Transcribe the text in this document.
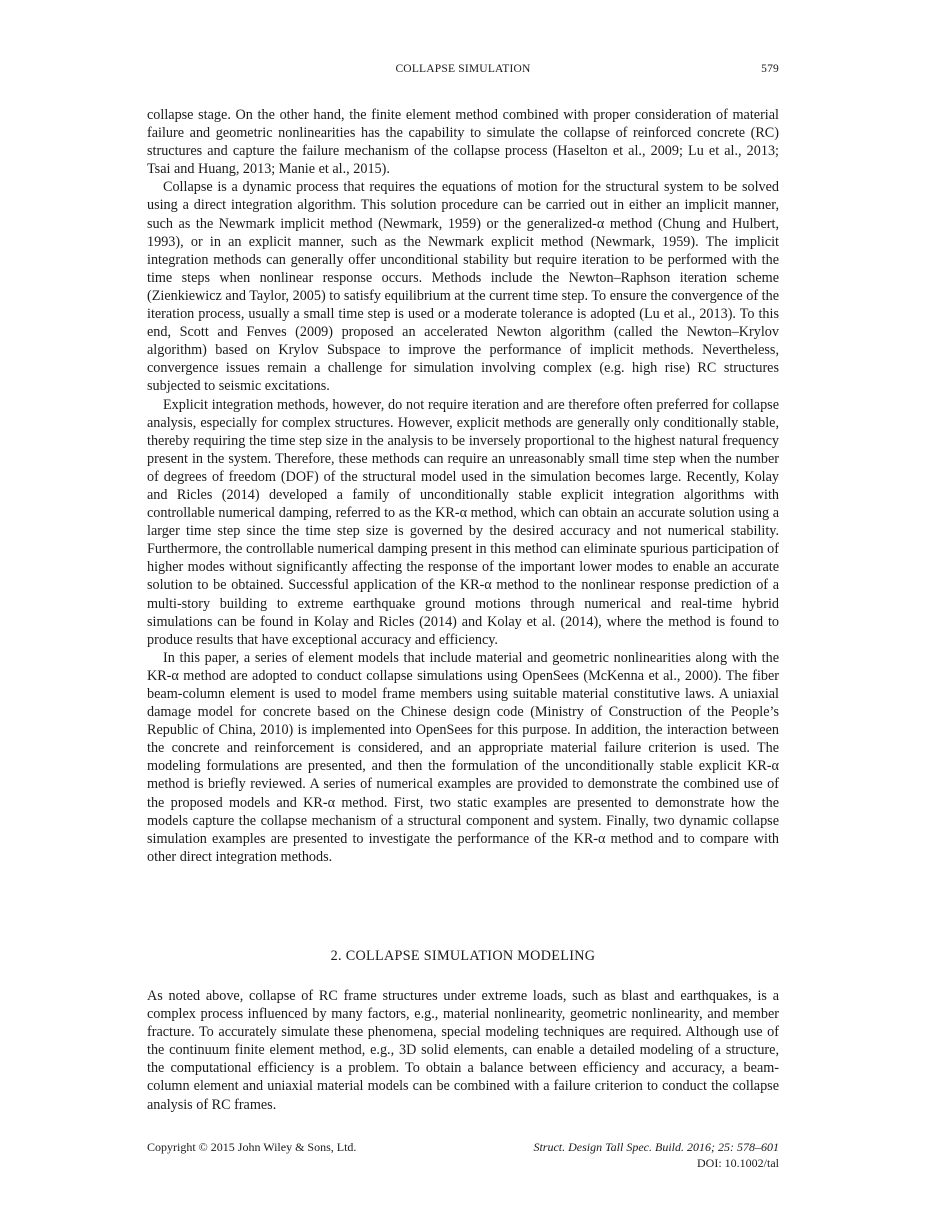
COLLAPSE SIMULATION	579

collapse stage. On the other hand, the finite element method combined with proper consideration of material failure and geometric nonlinearities has the capability to simulate the collapse of reinforced concrete (RC) structures and capture the failure mechanism of the collapse process (Haselton et al., 2009; Lu et al., 2013; Tsai and Huang, 2013; Manie et al., 2015).

Collapse is a dynamic process that requires the equations of motion for the structural system to be solved using a direct integration algorithm. This solution procedure can be carried out in either an implicit manner, such as the Newmark implicit method (Newmark, 1959) or the generalized-α method (Chung and Hulbert, 1993), or in an explicit manner, such as the Newmark explicit method (Newmark, 1959). The implicit integration methods can generally offer unconditional stability but require iteration to be performed with the time steps when nonlinear response occurs. Methods include the Newton–Raphson iteration scheme (Zienkiewicz and Taylor, 2005) to satisfy equilibrium at the current time step. To ensure the convergence of the iteration process, usually a small time step is used or a moderate tolerance is adopted (Lu et al., 2013). To this end, Scott and Fenves (2009) proposed an accelerated Newton algorithm (called the Newton–Krylov algorithm) based on Krylov Subspace to improve the performance of implicit methods. Nevertheless, convergence issues remain a challenge for simulation involving complex (e.g. high rise) RC structures subjected to seismic excitations.

Explicit integration methods, however, do not require iteration and are therefore often preferred for collapse analysis, especially for complex structures. However, explicit methods are generally only conditionally stable, thereby requiring the time step size in the analysis to be inversely proportional to the highest natural frequency present in the system. Therefore, these methods can require an unreasonably small time step when the number of degrees of freedom (DOF) of the structural model used in the simulation becomes large. Recently, Kolay and Ricles (2014) developed a family of unconditionally stable explicit integration algorithms with controllable numerical damping, referred to as the KR-α method, which can obtain an accurate solution using a larger time step since the time step size is governed by the desired accuracy and not numerical stability. Furthermore, the controllable numerical damping present in this method can eliminate spurious participation of higher modes without significantly affecting the response of the important lower modes to enable an accurate solution to be obtained. Successful application of the KR-α method to the nonlinear response prediction of a multi-story building to extreme earthquake ground motions through numerical and real-time hybrid simulations can be found in Kolay and Ricles (2014) and Kolay et al. (2014), where the method is found to produce results that have exceptional accuracy and efficiency.

In this paper, a series of element models that include material and geometric nonlinearities along with the KR-α method are adopted to conduct collapse simulations using OpenSees (McKenna et al., 2000). The fiber beam-column element is used to model frame members using suitable material constitutive laws. A uniaxial damage model for concrete based on the Chinese design code (Ministry of Construction of the People’s Republic of China, 2010) is implemented into OpenSees for this purpose. In addition, the interaction between the concrete and reinforcement is considered, and an appropriate material failure criterion is used. The modeling formulations are presented, and then the formulation of the unconditionally stable explicit KR-α method is briefly reviewed. A series of numerical examples are provided to demonstrate the combined use of the proposed models and KR-α method. First, two static examples are presented to demonstrate how the models capture the collapse mechanism of a structural component and system. Finally, two dynamic collapse simulation examples are presented to investigate the performance of the KR-α method and to compare with other direct integration methods.

2. COLLAPSE SIMULATION MODELING

As noted above, collapse of RC frame structures under extreme loads, such as blast and earthquakes, is a complex process influenced by many factors, e.g., material nonlinearity, geometric nonlinearity, and member fracture. To accurately simulate these phenomena, special modeling techniques are required. Although use of the continuum finite element method, e.g., 3D solid elements, can enable a detailed modeling of a structure, the computational efficiency is a problem. To obtain a balance between efficiency and accuracy, a beam-column element and uniaxial material models can be combined with a failure criterion to conduct the collapse analysis of RC frames.

Copyright © 2015 John Wiley & Sons, Ltd.	Struct. Design Tall Spec. Build. 2016; 25: 578–601
DOI: 10.1002/tal
